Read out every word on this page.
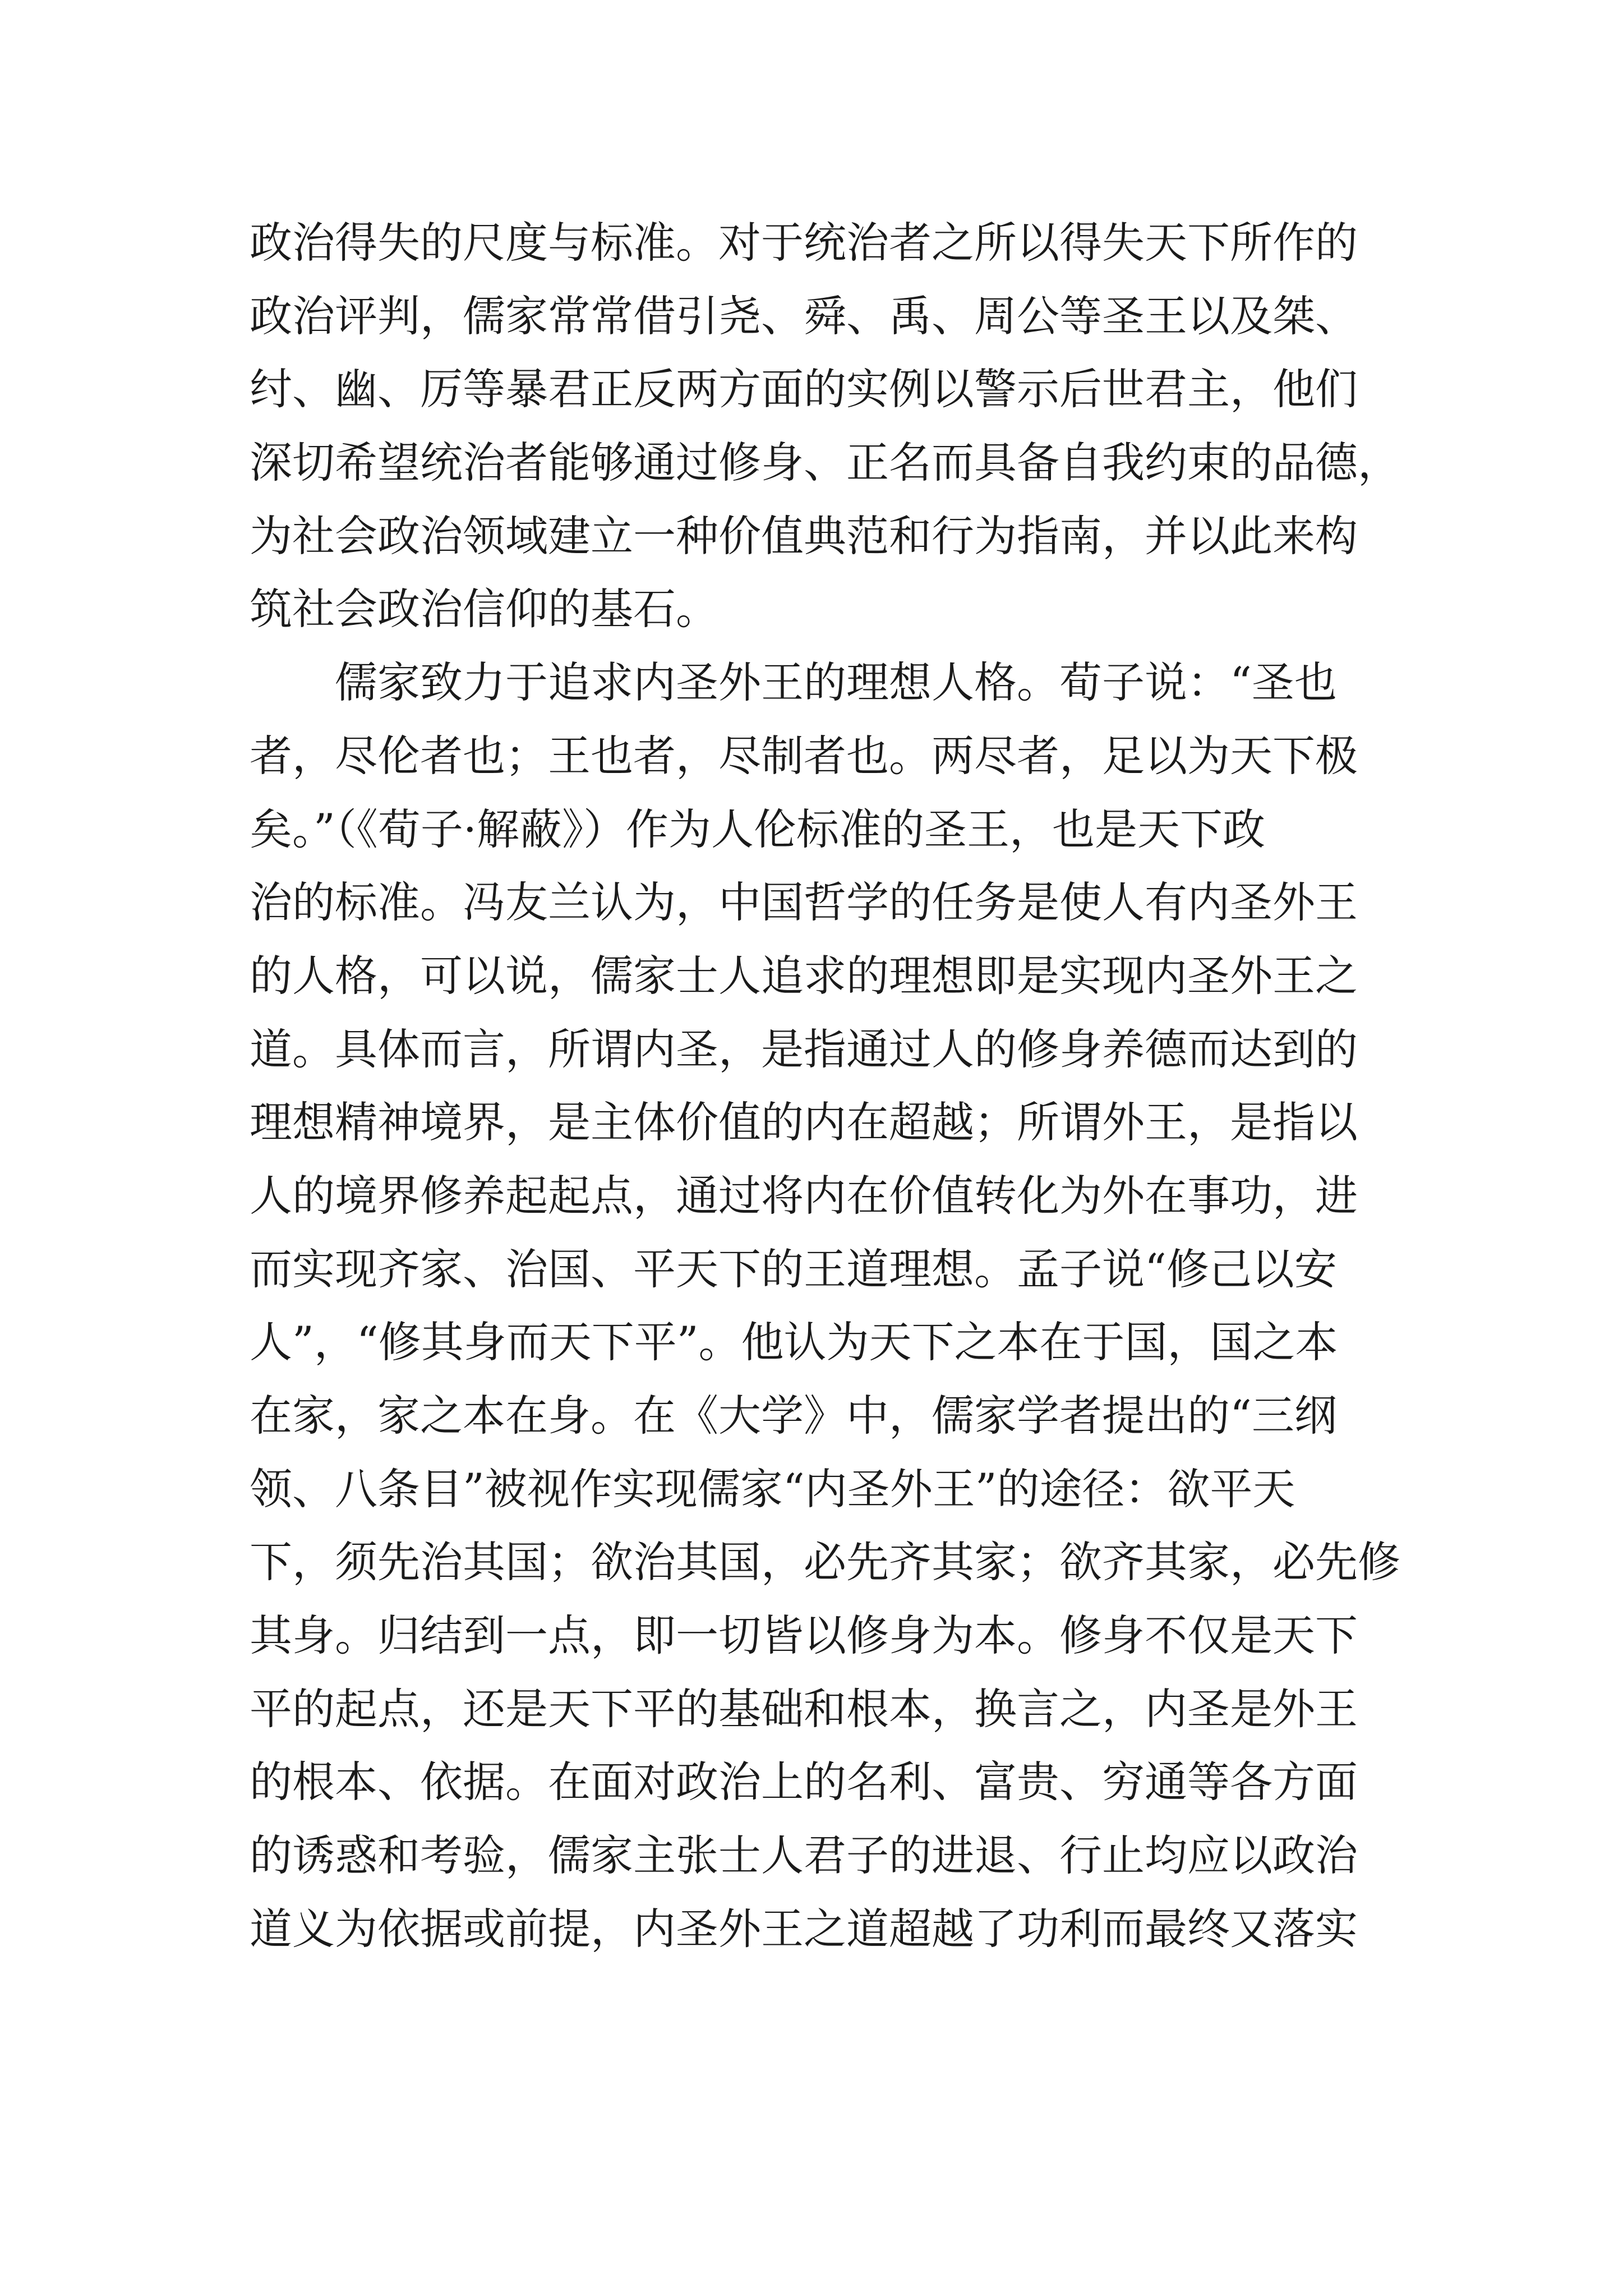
政治得失的尺度与标准。对于统治者之所以得失天下所作的
政治评判，儒家常常借引尧、舜、禹、周公等圣王以及桀、
纣、幽、厉等暴君正反两方面的实例以警示后世君主，他们
深切希望统治者能够通过修身、正名而具备自我约束的品德，
为社会政治领域建立一种价值典范和行为指南，并以此来构
筑社会政治信仰的基石。
　　儒家致力于追求内圣外王的理想人格。荀子说：“圣也
者，尽伦者也；王也者，尽制者也。两尽者，足以为天下极
矣。”（《荀子·解蔽》）作为人伦标准的圣王，也是天下政
治的标准。冯友兰认为，中国哲学的任务是使人有内圣外王
的人格，可以说，儒家士人追求的理想即是实现内圣外王之
道。具体而言，所谓内圣，是指通过人的修身养德而达到的
理想精神境界，是主体价值的内在超越；所谓外王，是指以
人的境界修养起起点，通过将内在价值转化为外在事功，进
而实现齐家、治国、平天下的王道理想。孟子说“修己以安
人”，“修其身而天下平”。他认为天下之本在于国，国之本
在家，家之本在身。在《大学》中，儒家学者提出的“三纲
领、八条目”被视作实现儒家“内圣外王”的途径：欲平天
下，须先治其国；欲治其国，必先齐其家；欲齐其家，必先修
其身。归结到一点，即一切皆以修身为本。修身不仅是天下
平的起点，还是天下平的基础和根本，换言之，内圣是外王
的根本、依据。在面对政治上的名利、富贵、穷通等各方面
的诱惑和考验，儒家主张士人君子的进退、行止均应以政治
道义为依据或前提，内圣外王之道超越了功利而最终又落实
